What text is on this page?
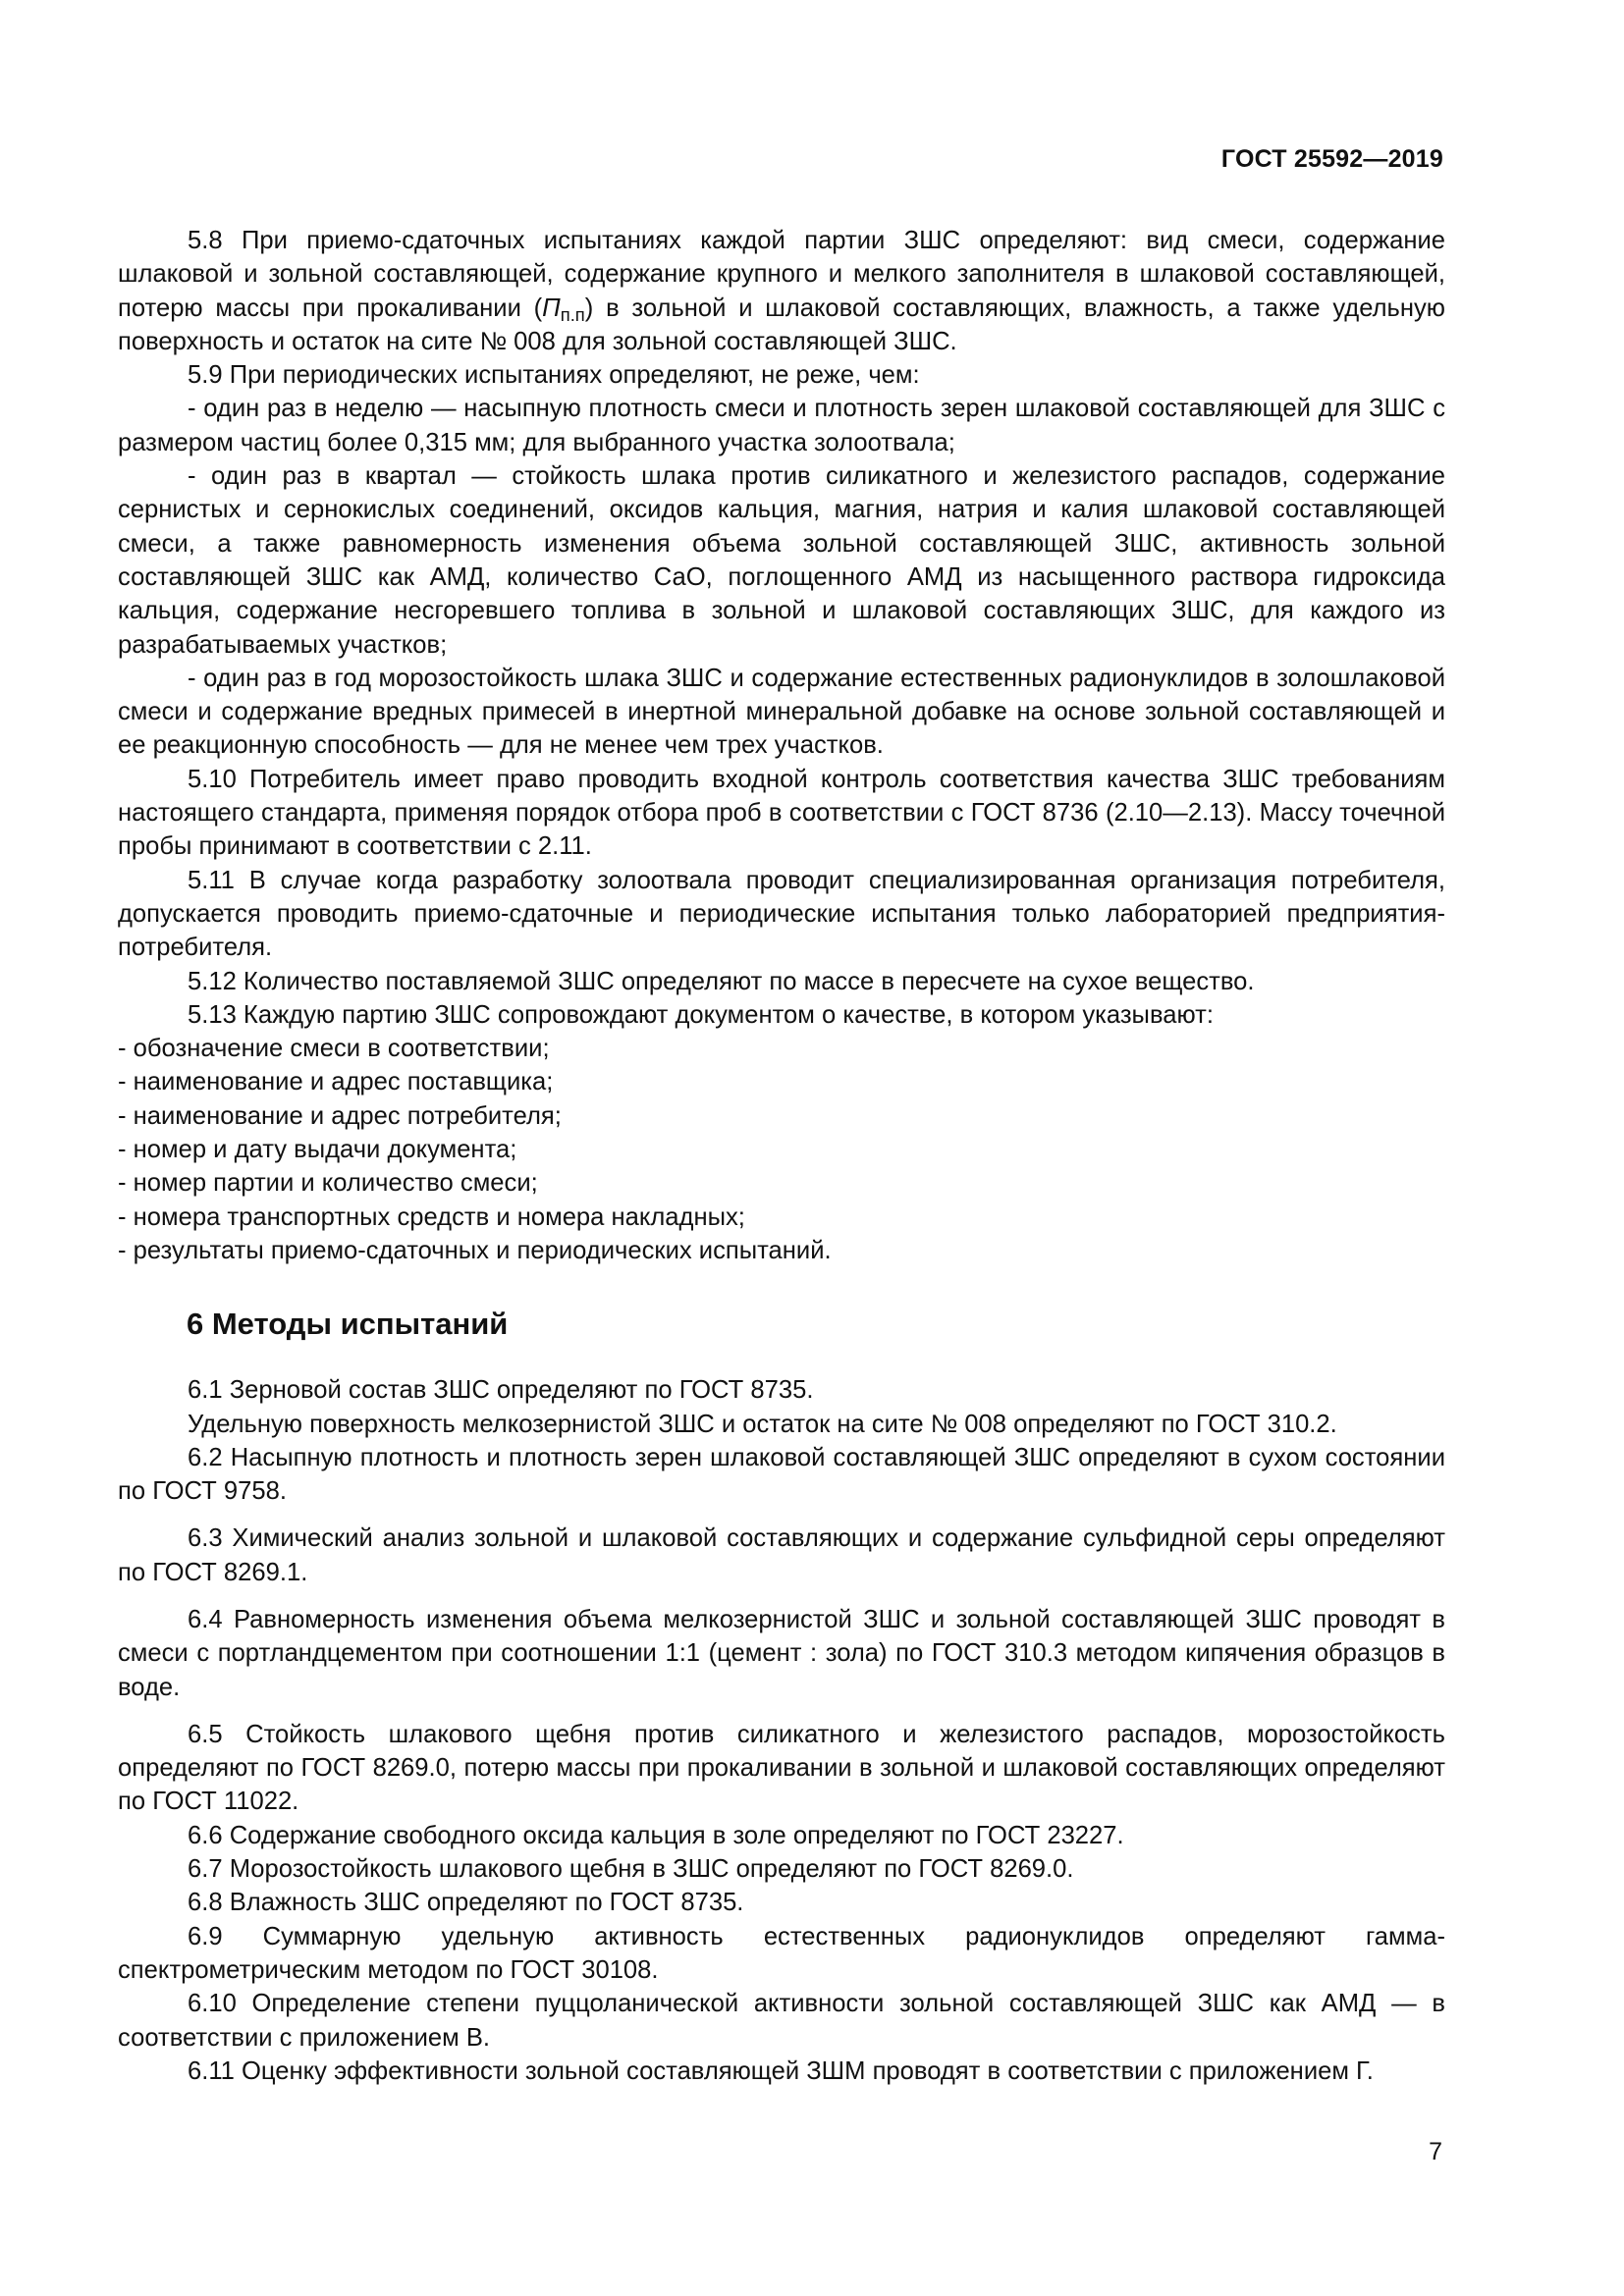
ГОСТ 25592—2019

5.8 При приемо-сдаточных испытаниях каждой партии ЗШС определяют: вид смеси, содержание шлаковой и зольной составляющей, содержание крупного и мелкого заполнителя в шлаковой составляющей, потерю массы при прокаливании $(П_{п.п})$ в зольной и шлаковой составляющих, влажность, а также удельную поверхность и остаток на сите № 008 для зольной составляющей ЗШС.

5.9 При периодических испытаниях определяют, не реже, чем:

- один раз в неделю — насыпную плотность смеси и плотность зерен шлаковой составляющей для ЗШС с размером частиц более 0,315 мм; для выбранного участка золоотвала;

- один раз в квартал — стойкость шлака против силикатного и железистого распадов, содержание сернистых и сернокислых соединений, оксидов кальция, магния, натрия и калия шлаковой составляющей смеси, а также равномерность изменения объема зольной составляющей ЗШС, активность зольной составляющей ЗШС как АМД, количество СаО, поглощенного АМД из насыщенного раствора гидроксида кальция, содержание несгоревшего топлива в зольной и шлаковой составляющих ЗШС, для каждого из разрабатываемых участков;

- один раз в год морозостойкость шлака ЗШС и содержание естественных радионуклидов в золошлаковой смеси и содержание вредных примесей в инертной минеральной добавке на основе зольной составляющей и ее реакционную способность — для не менее чем трех участков.

5.10 Потребитель имеет право проводить входной контроль соответствия качества ЗШС требованиям настоящего стандарта, применяя порядок отбора проб в соответствии с ГОСТ 8736 (2.10—2.13). Массу точечной пробы принимают в соответствии с 2.11.

5.11 В случае когда разработку золоотвала проводит специализированная организация потребителя, допускается проводить приемо-сдаточные и периодические испытания только лабораторией предприятия-потребителя.

5.12 Количество поставляемой ЗШС определяют по массе в пересчете на сухое вещество.

5.13 Каждую партию ЗШС сопровождают документом о качестве, в котором указывают:

- обозначение смеси в соответствии;
- наименование и адрес поставщика;
- наименование и адрес потребителя;
- номер и дату выдачи документа;
- номер партии и количество смеси;
- номера транспортных средств и номера накладных;
- результаты приемо-сдаточных и периодических испытаний.
6 Методы испытаний

6.1 Зерновой состав ЗШС определяют по ГОСТ 8735.

Удельную поверхность мелкозернистой ЗШС и остаток на сите № 008 определяют по ГОСТ 310.2.

6.2 Насыпную плотность и плотность зерен шлаковой составляющей ЗШС определяют в сухом состоянии по ГОСТ 9758.

6.3 Химический анализ зольной и шлаковой составляющих и содержание сульфидной серы определяют по ГОСТ 8269.1.

6.4 Равномерность изменения объема мелкозернистой ЗШС и зольной составляющей ЗШС проводят в смеси с портландцементом при соотношении 1:1 (цемент : зола) по ГОСТ 310.3 методом кипячения образцов в воде.

6.5 Стойкость шлакового щебня против силикатного и железистого распадов, морозостойкость определяют по ГОСТ 8269.0, потерю массы при прокаливании в зольной и шлаковой составляющих определяют по ГОСТ 11022.

6.6 Содержание свободного оксида кальция в золе определяют по ГОСТ 23227.

6.7 Морозостойкость шлакового щебня в ЗШС определяют по ГОСТ 8269.0.

6.8 Влажность ЗШС определяют по ГОСТ 8735.

6.9 Суммарную удельную активность естественных радионуклидов определяют гамма-спектрометрическим методом по ГОСТ 30108.

6.10 Определение степени пуццоланической активности зольной составляющей ЗШС как АМД — в соответствии с приложением В.

6.11 Оценку эффективности зольной составляющей ЗШМ проводят в соответствии с приложением Г.

7
